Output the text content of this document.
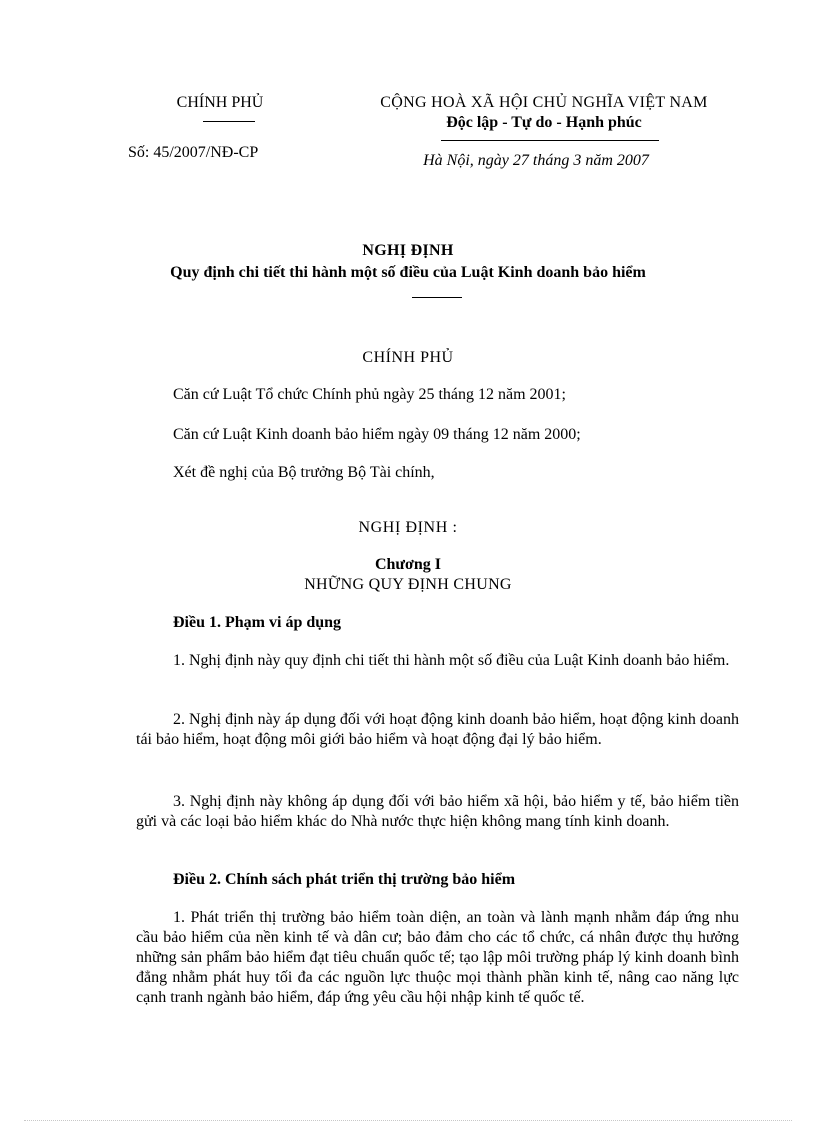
CHÍNH PHỦ
Số: 45/2007/NĐ-CP
CỘNG HOÀ XÃ HỘI CHỦ NGHĨA VIỆT NAM
Độc lập - Tự do - Hạnh phúc
Hà Nội, ngày 27 tháng 3 năm 2007
NGHỊ ĐỊNH
Quy định chi tiết thi hành một số điều của Luật Kinh doanh bảo hiểm
CHÍNH PHỦ
Căn cứ Luật Tổ chức Chính phủ ngày 25 tháng 12 năm 2001;
Căn cứ Luật Kinh doanh bảo hiểm ngày 09 tháng 12 năm 2000;
Xét đề nghị của Bộ trưởng Bộ Tài chính,
NGHỊ ĐỊNH :
Chương I
NHỮNG QUY ĐỊNH CHUNG
Điều 1. Phạm vi áp dụng
1. Nghị định này quy định chi tiết thi hành một số điều của Luật Kinh doanh bảo hiểm.
2. Nghị định này áp dụng đối với hoạt động kinh doanh bảo hiểm, hoạt động kinh doanh tái bảo hiểm, hoạt động môi giới bảo hiểm và hoạt động đại lý bảo hiểm.
3. Nghị định này không áp dụng đối với bảo hiểm xã hội, bảo hiểm y tế, bảo hiểm tiền gửi và các loại bảo hiểm khác do Nhà nước thực hiện không mang tính kinh doanh.
Điều 2. Chính sách phát triển thị trường bảo hiểm
1. Phát triển thị trường bảo hiểm toàn diện, an toàn và lành mạnh nhằm đáp ứng nhu cầu bảo hiểm của nền kinh tế và dân cư; bảo đảm cho các tổ chức, cá nhân được thụ hưởng những sản phẩm bảo hiểm đạt tiêu chuẩn quốc tế; tạo lập môi trường pháp lý kinh doanh bình đẳng nhằm phát huy tối đa các nguồn lực thuộc mọi thành phần kinh tế, nâng cao năng lực cạnh tranh ngành bảo hiểm, đáp ứng yêu cầu hội nhập kinh tế quốc tế.
